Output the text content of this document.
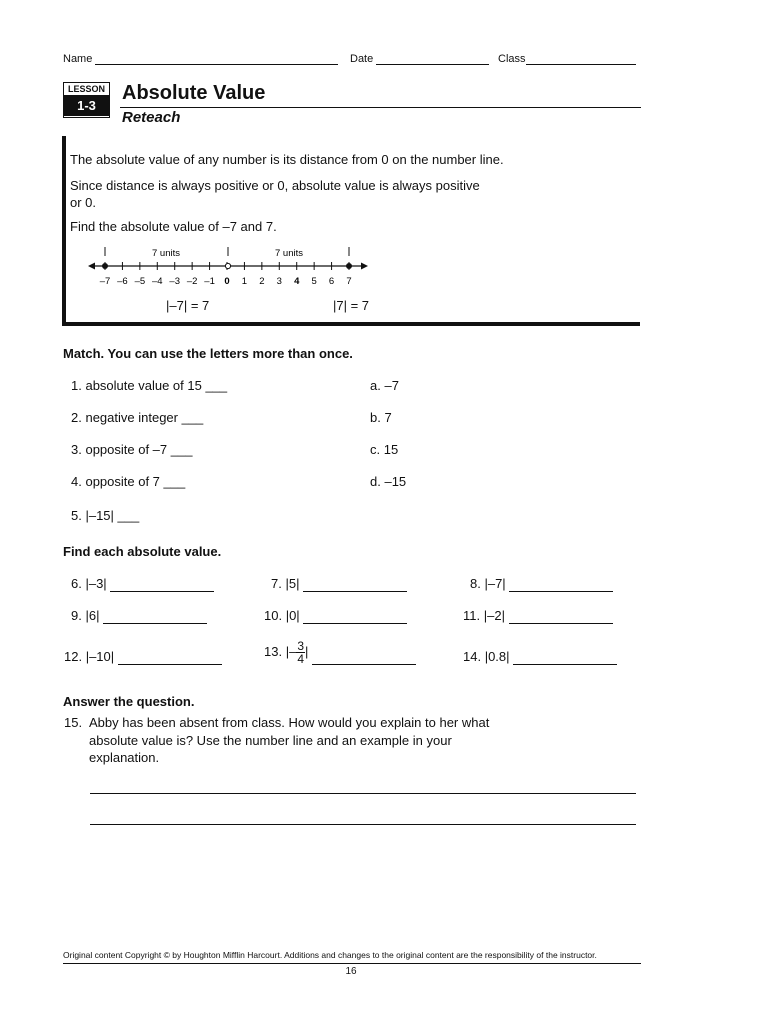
Name	Date	Class
LESSON
1-3
Absolute Value
Reteach
The absolute value of any number is its distance from 0 on the number line.
Since distance is always positive or 0, absolute value is always positive
or 0.
Find the absolute value of –7 and 7.
7 units	7 units
–7 –6 –5 –4 –3 –2 –1 0 1 2 3 4 5 6 7
|–7| = 7	|7| = 7
Match. You can use the letters more than once.
1. absolute value of 15 ___
2. negative integer ___
3. opposite of –7 ___
4. opposite of 7 ___
5. |–15| ___
a. –7
b. 7
c. 15
d. –15
Find each absolute value.
6. |–3|	7. |5|	8. |–7|
9. |6|	10. |0|	11. |–2|
12. |–10|	13. |– $\frac{3}{4}$ |	14. |0.8|
Answer the question.
15. Abby has been absent from class. How would you explain to her what
absolute value is? Use the number line and an example in your
explanation.
Original content Copyright © by Houghton Mifflin Harcourt. Additions and changes to the original content are the responsibility of the instructor.
16
